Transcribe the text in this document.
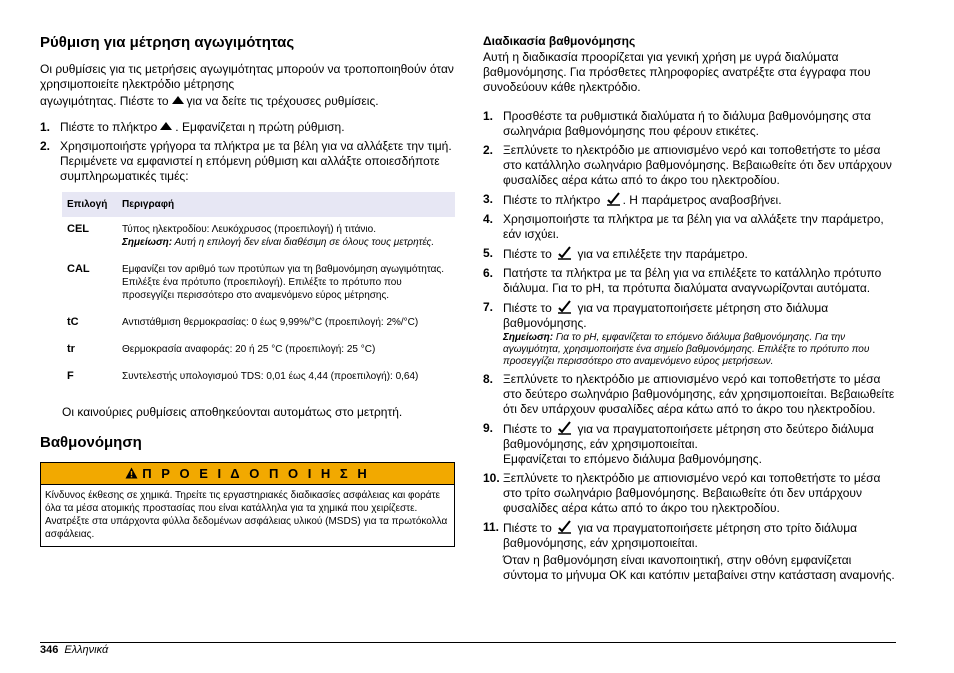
Ρύθμιση για μέτρηση αγωγιμότητας

Οι ρυθμίσεις για τις μετρήσεις αγωγιμότητας μπορούν να τροποποιηθούν όταν χρησιμοποιείτε ηλεκτρόδιο μέτρησης

αγωγιμότητας. Πιέστε το για να δείτε τις τρέχουσες ρυθμίσεις.

1. Πιέστε το πλήκτρο . Εμφανίζεται η πρώτη ρύθμιση.
2. Χρησιμοποιήστε γρήγορα τα πλήκτρα με τα βέλη για να αλλάξετε την τιμή. Περιμένετε να εμφανιστεί η επόμενη ρύθμιση και αλλάξτε οποιεσδήποτε συμπληρωματικές τιμές:
Επιλογή	Περιγραφή
CEL	Τύπος ηλεκτροδίου: Λευκόχρυσος (προεπιλογή) ή τιτάνιο.
Σημείωση: Αυτή η επιλογή δεν είναι διαθέσιμη σε όλους τους μετρητές.

CAL	Εμφανίζει τον αριθμό των προτύπων για τη βαθμονόμηση αγωγιμότητας. Επιλέξτε ένα πρότυπο (προεπιλογή). Επιλέξτε το πρότυπο που προσεγγίζει περισσότερο στο αναμενόμενο εύρος μέτρησης.
tC	Αντιστάθμιση θερμοκρασίας: 0 έως 9,99%/°C (προεπιλογή: 2%/°C)
tr	Θερμοκρασία αναφοράς: 20 ή 25 °C (προεπιλογή: 25 °C)
F	Συντελεστής υπολογισμού TDS: 0,01 έως 4,44 (προεπιλογή): 0,64)

Οι καινούριες ρυθμίσεις αποθηκεύονται αυτομάτως στο μετρητή.

Βαθμονόμηση
Π Ρ Ο Ε Ι Δ Ο Π Ο Ι Η Σ Η
Κίνδυνος έκθεσης σε χημικά. Τηρείτε τις εργαστηριακές διαδικασίες ασφάλειας και φοράτε όλα τα μέσα ατομικής προστασίας που είναι κατάλληλα για τα χημικά που χειρίζεστε. Ανατρέξτε στα υπάρχοντα φύλλα δεδομένων ασφάλειας υλικού (MSDS) για τα πρωτόκολλα ασφάλειας.
Διαδικασία βαθμονόμησης

Αυτή η διαδικασία προορίζεται για γενική χρήση με υγρά διαλύματα βαθμονόμησης. Για πρόσθετες πληροφορίες ανατρέξτε στα έγγραφα που συνοδεύουν κάθε ηλεκτρόδιο.

1. Προσθέστε τα ρυθμιστικά διαλύματα ή το διάλυμα βαθμονόμησης στα σωληνάρια βαθμονόμησης που φέρουν ετικέτες.
2. Ξεπλύνετε το ηλεκτρόδιο με απιονισμένο νερό και τοποθετήστε το μέσα στο κατάλληλο σωληνάριο βαθμονόμησης. Βεβαιωθείτε ότι δεν υπάρχουν φυσαλίδες αέρα κάτω από το άκρο του ηλεκτροδίου.
3. Πιέστε το πλήκτρο . Η παράμετρος αναβοσβήνει.
4. Χρησιμοποιήστε τα πλήκτρα με τα βέλη για να αλλάξετε την παράμετρο, εάν ισχύει.
5. Πιέστε το για να επιλέξετε την παράμετρο.
6. Πατήστε τα πλήκτρα με τα βέλη για να επιλέξετε το κατάλληλο πρότυπο διάλυμα. Για το pH, τα πρότυπα διαλύματα αναγνωρίζονται αυτόματα.
7. Πιέστε το για να πραγματοποιήσετε μέτρηση στο διάλυμα βαθμονόμησης.
Σημείωση: Για το pH, εμφανίζεται το επόμενο διάλυμα βαθμονόμησης. Για την αγωγιμότητα, χρησιμοποιήστε ένα σημείο βαθμονόμησης. Επιλέξτε το πρότυπο που προσεγγίζει περισσότερο στο αναμενόμενο εύρος μετρήσεων.
8. Ξεπλύνετε το ηλεκτρόδιο με απιονισμένο νερό και τοποθετήστε το μέσα στο δεύτερο σωληνάριο βαθμονόμησης, εάν χρησιμοποιείται. Βεβαιωθείτε ότι δεν υπάρχουν φυσαλίδες αέρα κάτω από το άκρο του ηλεκτροδίου.
9. Πιέστε το για να πραγματοποιήσετε μέτρηση στο δεύτερο διάλυμα βαθμονόμησης, εάν χρησιμοποιείται.
Εμφανίζεται το επόμενο διάλυμα βαθμονόμησης.
10. Ξεπλύνετε το ηλεκτρόδιο με απιονισμένο νερό και τοποθετήστε το μέσα στο τρίτο σωληνάριο βαθμονόμησης. Βεβαιωθείτε ότι δεν υπάρχουν φυσαλίδες αέρα κάτω από το άκρο του ηλεκτροδίου.
11. Πιέστε το για να πραγματοποιήσετε μέτρηση στο τρίτο διάλυμα βαθμονόμησης, εάν χρησιμοποιείται.
Όταν η βαθμονόμηση είναι ικανοποιητική, στην οθόνη εμφανίζεται σύντομα το μήνυμα OK και κατόπιν μεταβαίνει στην κατάσταση αναμονής.
346 Ελληνικά
